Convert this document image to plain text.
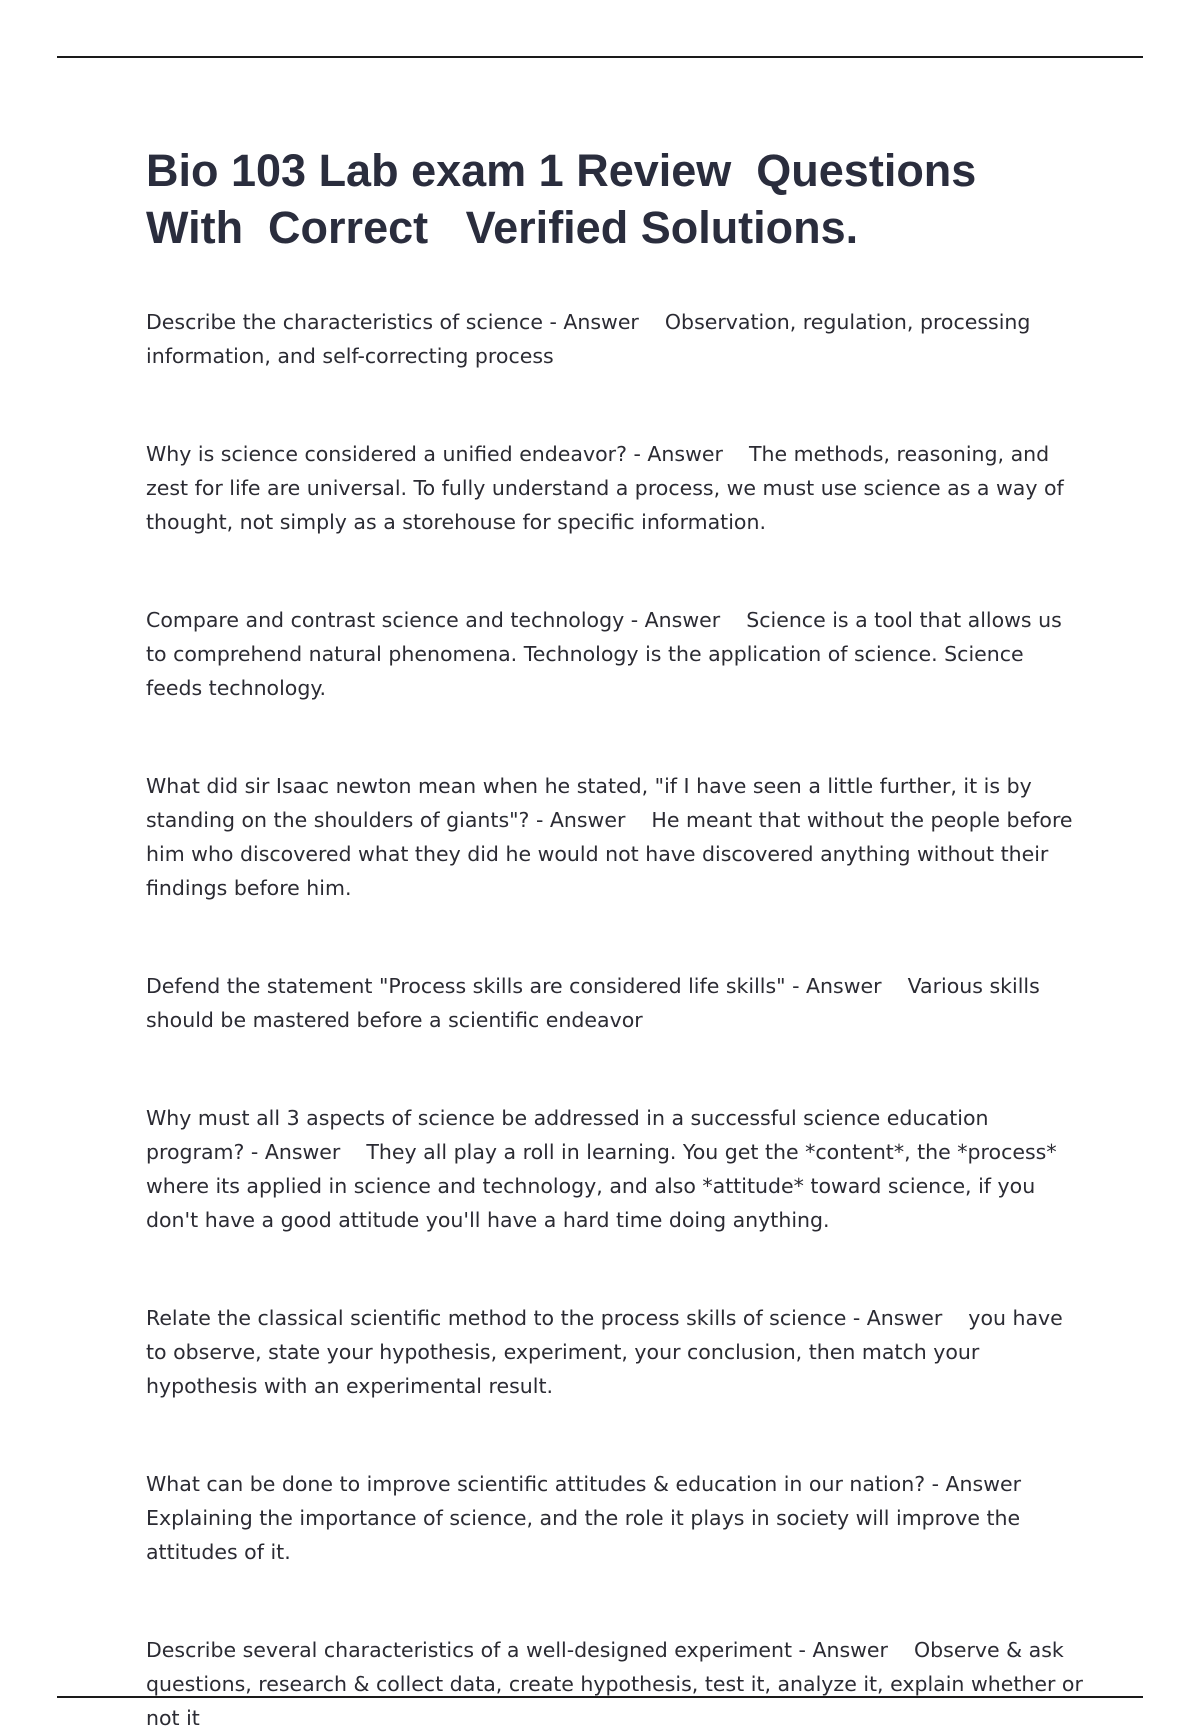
Bio 103 Lab exam 1 Review  Questions
With  Correct   Verified Solutions.

Describe the characteristics of science - Answer    Observation, regulation, processing information, and self-correcting process

Why is science considered a unified endeavor? - Answer    The methods, reasoning, and zest for life are universal. To fully understand a process, we must use science as a way of thought, not simply as a storehouse for specific information.

Compare and contrast science and technology - Answer    Science is a tool that allows us to comprehend natural phenomena. Technology is the application of science. Science feeds technology.

What did sir Isaac newton mean when he stated, "if I have seen a little further, it is by standing on the shoulders of giants"? - Answer    He meant that without the people before him who discovered what they did he would not have discovered anything without their findings before him.

Defend the statement "Process skills are considered life skills" - Answer    Various skills should be mastered before a scientific endeavor

Why must all 3 aspects of science be addressed in a successful science education program? - Answer    They all play a roll in learning. You get the *content*, the *process* where its applied in science and technology, and also *attitude* toward science, if you don't have a good attitude you'll have a hard time doing anything.

Relate the classical scientific method to the process skills of science - Answer    you have to observe, state your hypothesis, experiment, your conclusion, then match your hypothesis with an experimental result.

What can be done to improve scientific attitudes & education in our nation? - Answer    Explaining the importance of science, and the role it plays in society will improve the attitudes of it.

Describe several characteristics of a well-designed experiment - Answer    Observe & ask questions, research & collect data, create hypothesis, test it, analyze it, explain whether or not it
